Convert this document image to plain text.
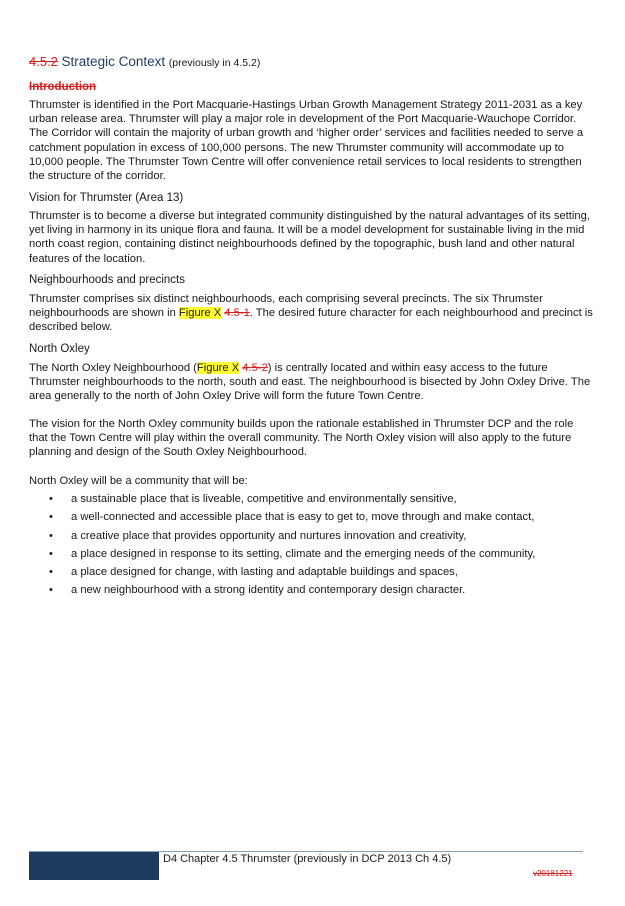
4.5.2 Strategic Context (previously in 4.5.2)
Introduction
Thrumster is identified in the Port Macquarie-Hastings Urban Growth Management Strategy 2011-2031 as a key urban release area. Thrumster will play a major role in development of the Port Macquarie-Wauchope Corridor. The Corridor will contain the majority of urban growth and ‘higher order’ services and facilities needed to serve a catchment population in excess of 100,000 persons. The new Thrumster community will accommodate up to 10,000 people. The Thrumster Town Centre will offer convenience retail services to local residents to strengthen the structure of the corridor.
Vision for Thrumster (Area 13)
Thrumster is to become a diverse but integrated community distinguished by the natural advantages of its setting, yet living in harmony in its unique flora and fauna. It will be a model development for sustainable living in the mid north coast region, containing distinct neighbourhoods defined by the topographic, bush land and other natural features of the location.
Neighbourhoods and precincts
Thrumster comprises six distinct neighbourhoods, each comprising several precincts. The six Thrumster neighbourhoods are shown in Figure X 4.5-1. The desired future character for each neighbourhood and precinct is described below.
North Oxley
The North Oxley Neighbourhood (Figure X 4.5-2) is centrally located and within easy access to the future Thrumster neighbourhoods to the north, south and east. The neighbourhood is bisected by John Oxley Drive. The area generally to the north of John Oxley Drive will form the future Town Centre.
The vision for the North Oxley community builds upon the rationale established in Thrumster DCP and the role that the Town Centre will play within the overall community. The North Oxley vision will also apply to the future planning and design of the South Oxley Neighbourhood.
North Oxley will be a community that will be:
• a sustainable place that is liveable, competitive and environmentally sensitive,
• a well-connected and accessible place that is easy to get to, move through and make contact,
• a creative place that provides opportunity and nurtures innovation and creativity,
• a place designed in response to its setting, climate and the emerging needs of the community,
• a place designed for change, with lasting and adaptable buildings and spaces,
• a new neighbourhood with a strong identity and contemporary design character.
D4 Chapter 4.5 Thrumster (previously in DCP 2013 Ch 4.5)
v20181221
